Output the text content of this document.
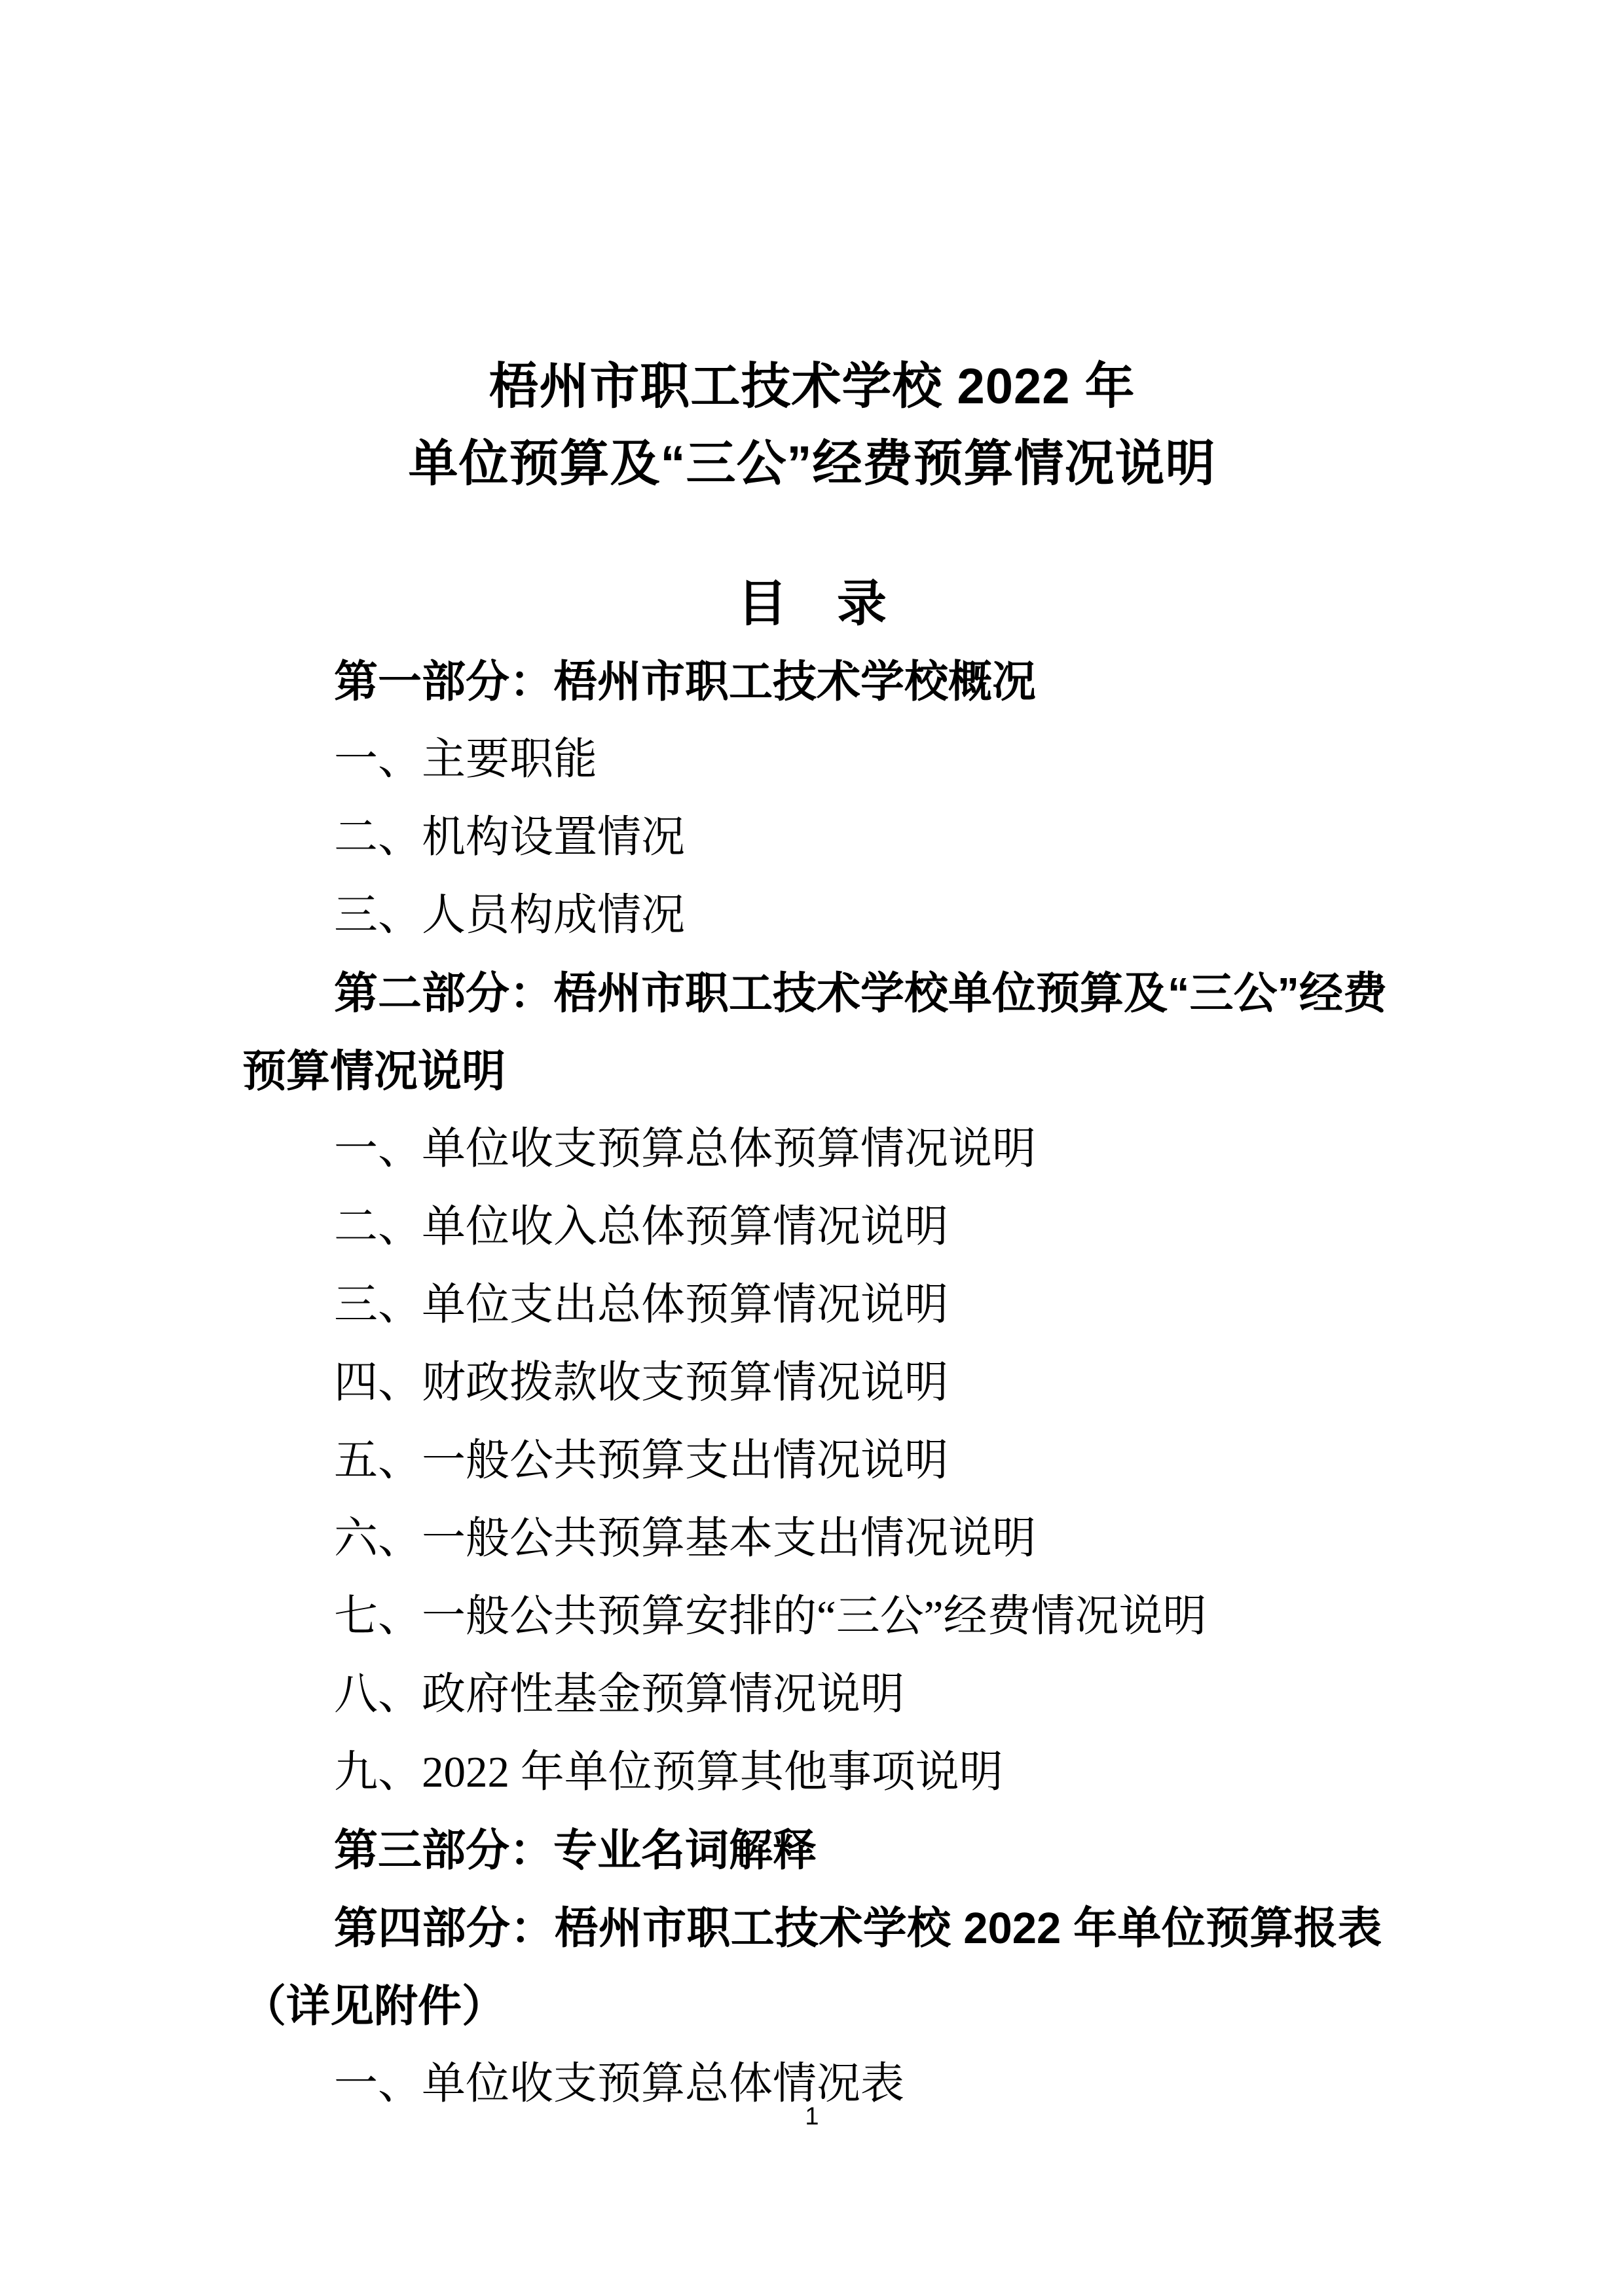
梧州市职工技术学校 2022 年
单位预算及“三公”经费预算情况说明
目　录
第一部分：梧州市职工技术学校概况
一、主要职能
二、机构设置情况
三、人员构成情况
第二部分：梧州市职工技术学校单位预算及“三公”经费
预算情况说明
一、单位收支预算总体预算情况说明
二、单位收入总体预算情况说明
三、单位支出总体预算情况说明
四、财政拨款收支预算情况说明
五、一般公共预算支出情况说明
六、一般公共预算基本支出情况说明
七、一般公共预算安排的“三公”经费情况说明
八、政府性基金预算情况说明
九、2022 年单位预算其他事项说明
第三部分：专业名词解释
第四部分：梧州市职工技术学校 2022 年单位预算报表
（详见附件）
一、单位收支预算总体情况表
1
